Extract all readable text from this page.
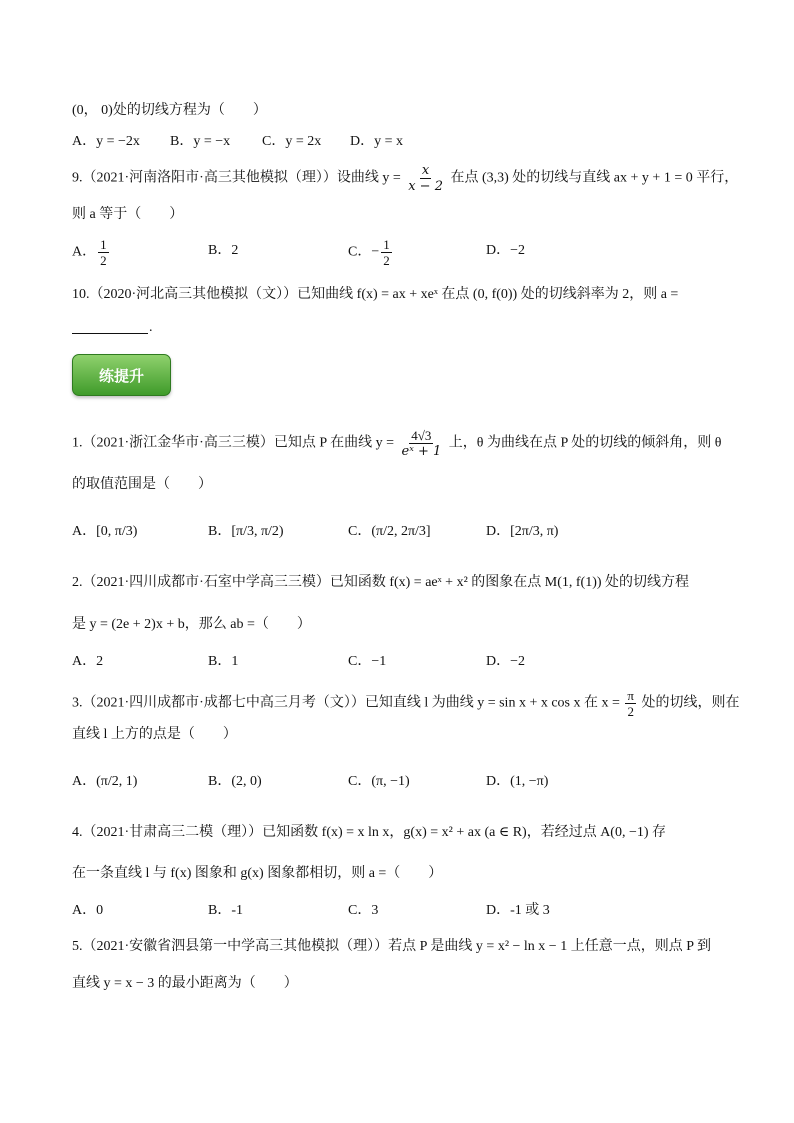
(0， 0)处的切线方程为（　　）
A．y = −2x B．y = −x C．y = 2x D．y = x
9.（2021·河南洛阳市·高三其他模拟（理））设曲线 $y = \frac{x}{x - 2}$ 在点 (3,3) 处的切线与直线 ax + y + 1 = 0 平行，
则 a 等于（　　）
A． $\frac{1}{2}$	B．2	C．− $\frac{1}{2}$	D．−2
10.（2020·河北高三其他模拟（文））已知曲线 f(x) = ax + xeˣ 在点 (0, f(0)) 处的切线斜率为 2，则 a =
.
练提升
1.（2021·浙江金华市·高三三模）已知点 P 在曲线 $y = \frac{4√3}{\text{eˣ + 1}}$ 上，θ 为曲线在点 P 处的切线的倾斜角，则 θ
的取值范围是（　　）
A．[0, π/3)	B．[π/3, π/2)	C．(π/2, 2π/3]	D．[2π/3, π)
2.（2021·四川成都市·石室中学高三三模）已知函数 f(x) = aeˣ + x² 的图象在点 M(1, f(1)) 处的切线方程
是 y = (2e + 2)x + b，那么 ab =（　　）
A．2	B．1	C．−1	D．−2
3.（2021·四川成都市·成都七中高三月考（文））已知直线 l 为曲线 y = sin x + x cos x 在 $x = \frac{\pi}{2}$ 处的切线，则在
直线 l 上方的点是（　　）
A．(π/2, 1)	B．(2, 0)	C．(π, −1)	D．(1, −π)
4.（2021·甘肃高三二模（理））已知函数 f(x) = x ln x，g(x) = x² + ax (a ∈ R)，若经过点 A(0, −1) 存
在一条直线 l 与 f(x) 图象和 g(x) 图象都相切，则 a =（　　）
A．0	B．-1	C．3	D．-1 或 3
5.（2021·安徽省泗县第一中学高三其他模拟（理））若点 P 是曲线 y = x² − ln x − 1 上任意一点，则点 P 到
直线 y = x − 3 的最小距离为（　　）
